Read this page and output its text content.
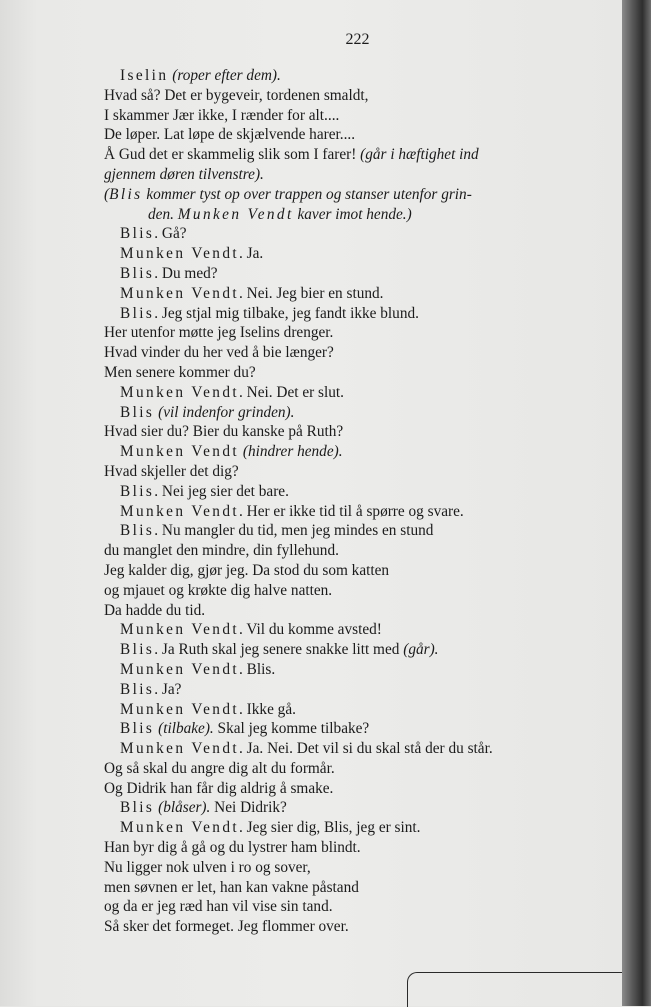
222
Iselin (roper efter dem).
Hvad så? Det er bygeveir, tordenen smaldt,
I skammer Jær ikke, I rænder for alt....
De løper. Lat løpe de skjælvende harer....
Å Gud det er skammelig slik som I farer! (går i hæftighet ind
gjennem døren tilvenstre).
(Blis kommer tyst op over trappen og stanser utenfor grin-
den. Munken Vendt kaver imot hende.)
Blis. Gå?
Munken Vendt. Ja.
Blis. Du med?
Munken Vendt. Nei. Jeg bier en stund.
Blis. Jeg stjal mig tilbake, jeg fandt ikke blund.
Her utenfor møtte jeg Iselins drenger.
Hvad vinder du her ved å bie længer?
Men senere kommer du?
Munken Vendt. Nei. Det er slut.
Blis (vil indenfor grinden).
Hvad sier du? Bier du kanske på Ruth?
Munken Vendt (hindrer hende).
Hvad skjeller det dig?
Blis. Nei jeg sier det bare.
Munken Vendt. Her er ikke tid til å spørre og svare.
Blis. Nu mangler du tid, men jeg mindes en stund
du manglet den mindre, din fyllehund.
Jeg kalder dig, gjør jeg. Da stod du som katten
og mjauet og krøkte dig halve natten.
Da hadde du tid.
Munken Vendt. Vil du komme avsted!
Blis. Ja Ruth skal jeg senere snakke litt med (går).
Munken Vendt. Blis.
Blis. Ja?
Munken Vendt. Ikke gå.
Blis (tilbake). Skal jeg komme tilbake?
Munken Vendt. Ja. Nei. Det vil si du skal stå der du står.
Og så skal du angre dig alt du formår.
Og Didrik han får dig aldrig å smake.
Blis (blåser). Nei Didrik?
Munken Vendt. Jeg sier dig, Blis, jeg er sint.
Han byr dig å gå og du lystrer ham blindt.
Nu ligger nok ulven i ro og sover,
men søvnen er let, han kan vakne påstand
og da er jeg ræd han vil vise sin tand.
Så sker det formeget. Jeg flommer over.
